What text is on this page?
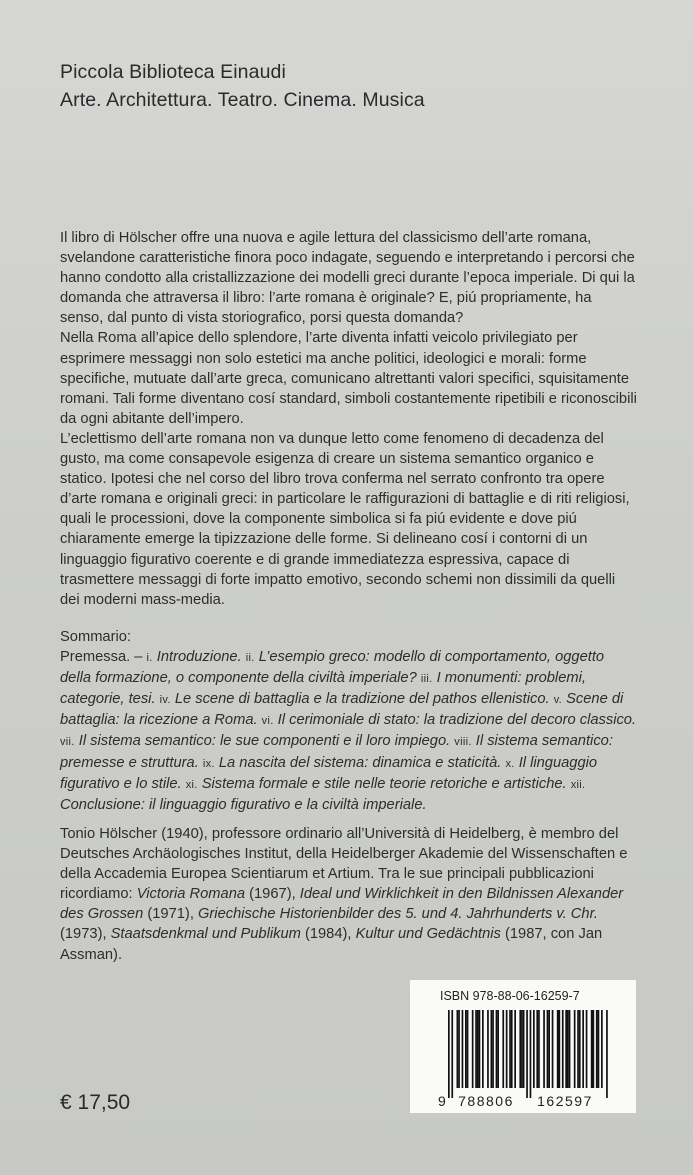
Piccola Biblioteca Einaudi
Arte. Architettura. Teatro. Cinema. Musica

Il libro di Hölscher offre una nuova e agile lettura del classicismo dell’arte romana, svelandone caratteristiche finora poco indagate, seguendo e interpretando i percorsi che hanno condotto alla cristallizzazione dei modelli greci durante l’epoca imperiale. Di qui la domanda che attraversa il libro: l’arte romana è originale? E, piú propriamente, ha senso, dal punto di vista storiografico, porsi questa domanda?

Nella Roma all’apice dello splendore, l’arte diventa infatti veicolo privilegiato per esprimere messaggi non solo estetici ma anche politici, ideologici e morali: forme specifiche, mutuate dall’arte greca, comunicano altrettanti valori specifici, squisitamente romani. Tali forme diventano cosí standard, simboli costantemente ripetibili e riconoscibili da ogni abitante dell’impero.

L’eclettismo dell’arte romana non va dunque letto come fenomeno di decadenza del gusto, ma come consapevole esigenza di creare un sistema semantico organico e statico. Ipotesi che nel corso del libro trova conferma nel serrato confronto tra opere d’arte romana e originali greci: in particolare le raffigurazioni di battaglie e di riti religiosi, quali le processioni, dove la componente simbolica si fa piú evidente e dove piú chiaramente emerge la tipizzazione delle forme. Si delineano cosí i contorni di un linguaggio figurativo coerente e di grande immediatezza espressiva, capace di trasmettere messaggi di forte impatto emotivo, secondo schemi non dissimili da quelli dei moderni mass-media.

Sommario:

Premessa. – i. Introduzione. ii. L’esempio greco: modello di comportamento, oggetto della formazione, o componente della civiltà imperiale? iii. I monumenti: problemi, categorie, tesi. iv. Le scene di battaglia e la tradizione del pathos ellenistico. v. Scene di battaglia: la ricezione a Roma. vi. Il cerimoniale di stato: la tradizione del decoro classico. vii. Il sistema semantico: le sue componenti e il loro impiego. viii. Il sistema semantico: premesse e struttura. ix. La nascita del sistema: dinamica e staticità. x. Il linguaggio figurativo e lo stile. xi. Sistema formale e stile nelle teorie retoriche e artistiche. xii. Conclusione: il linguaggio figurativo e la civiltà imperiale.

Tonio Hölscher (1940), professore ordinario all’Università di Heidelberg, è membro del Deutsches Archäologisches Institut, della Heidelberger Akademie del Wissenschaften e della Accademia Europea Scientiarum et Artium. Tra le sue principali pubblicazioni ricordiamo: Victoria Romana (1967), Ideal und Wirklichkeit in den Bildnissen Alexander des Grossen (1971), Griechische Historienbilder des 5. und 4. Jahrhunderts v. Chr. (1973), Staatsdenkmal und Publikum (1984), Kultur und Gedächtnis (1987, con Jan Assman).

ISBN 978-88-06-16259-7
9 788806 162597
€ 17,50
